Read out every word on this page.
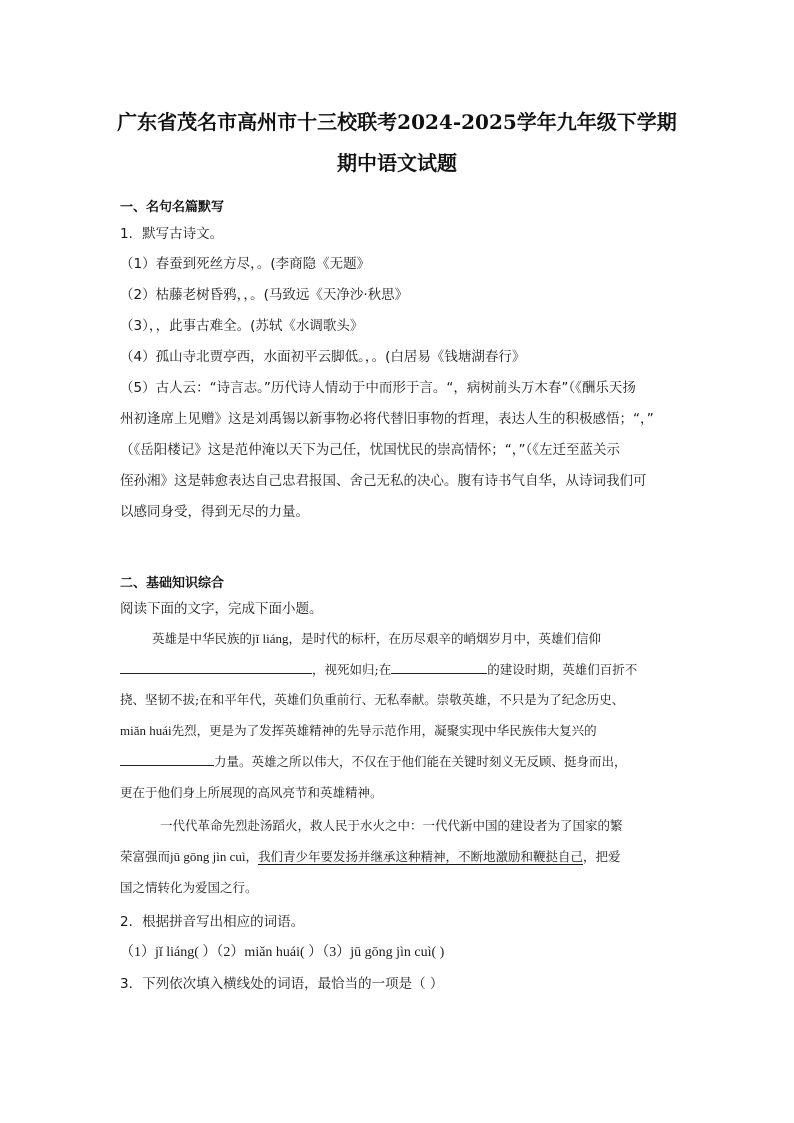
广东省茂名市高州市十三校联考2024-2025学年九年级下学期
期中语文试题
一、名句名篇默写
1．默写古诗文。
（1）春蚕到死丝方尽，。(李商隐《无题》
（2）枯藤老树昏鸦，，。(马致远《天净沙·秋思》
（3），，此事古难全。(苏轼《水调歌头》
（4）孤山寺北贾亭西，水面初平云脚低。，。(白居易《钱塘湖春行》
（5）古人云：“诗言志。”历代诗人情动于中而形于言。“，病树前头万木春”（《酬乐天扬
州初逢席上见赠》这是刘禹锡以新事物必将代替旧事物的哲理，表达人生的积极感悟；“，”
（《岳阳楼记》这是范仲淹以天下为己任，忧国忧民的崇高情怀；“，”（《左迁至蓝关示
侄孙湘》这是韩愈表达自己忠君报国、舍己无私的决心。腹有诗书气自华，从诗词我们可
以感同身受，得到无尽的力量。
二、基础知识综合
阅读下面的文字，完成下面小题。
英雄是中华民族的jǐ liáng，是时代的标杆，在历尽艰辛的峭烟岁月中，英雄们信仰
，视死如归;在	的建设时期，英雄们百折不
挠、坚韧不拔;在和平年代，英雄们负重前行、无私奉献。崇敬英雄，不只是为了纪念历史、
miǎn huái先烈，更是为了发挥英雄精神的先导示范作用，凝聚实现中华民族伟大复兴的
力量。英雄之所以伟大，不仅在于他们能在关键时刻义无反顾、挺身而出，
更在于他们身上所展现的高风亮节和英雄精神。
一代代革命先烈赴汤蹈火，救人民于水火之中：一代代新中国的建设者为了国家的繁
荣富强而jū gōng jìn cuì，我们青少年要发扬并继承这种精神，不断地激励和鞭挞自己，把爱
国之情转化为爱国之行。
2．根据拼音写出相应的词语。
（1）jǐ liáng( ）（2）miǎn huái( ）（3）jū gōng jìn cuì( )
3．下列依次填入横线处的词语，最恰当的一项是（ ）
